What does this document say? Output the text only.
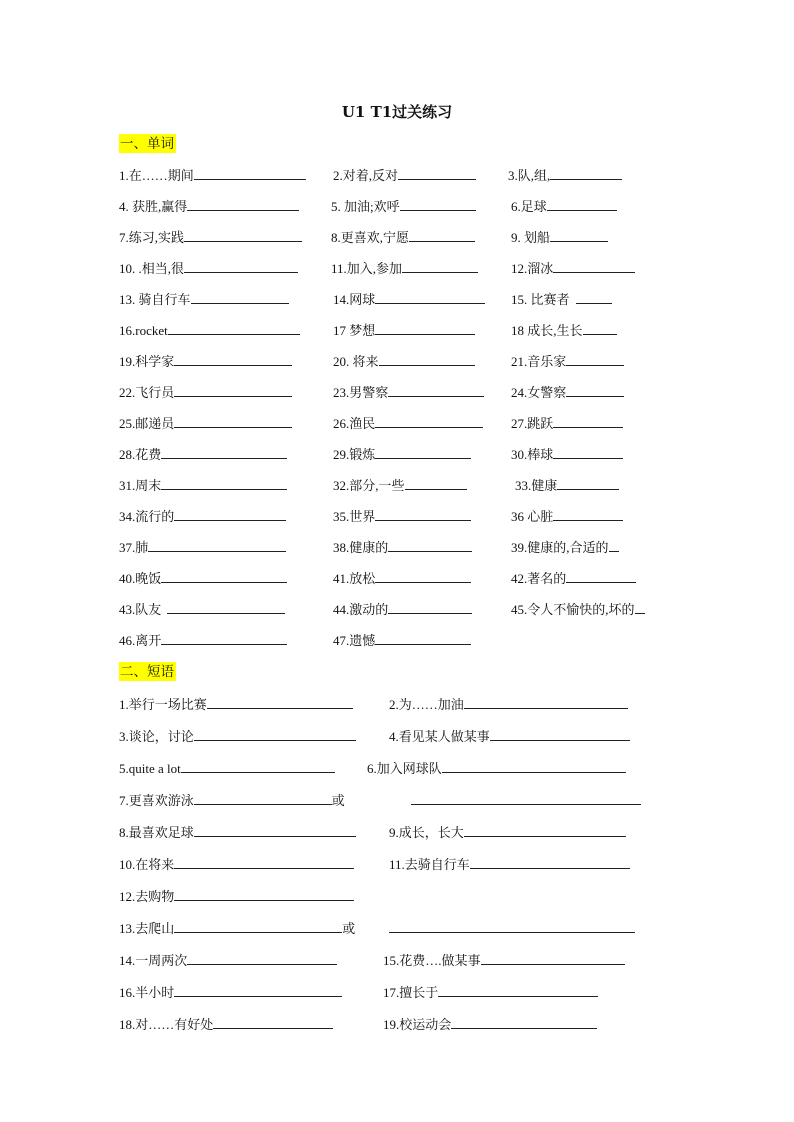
U1 T1过关练习
一、单词
1.在……期间	2.对着,反对	3.队,组,
4. 获胜,赢得	5. 加油;欢呼	6.足球
7.练习,实践	8.更喜欢,宁愿	9. 划船
10. .相当,很	11.加入,参加	12.溜冰
13. 骑自行车	14.网球	15. 比赛者
16.rocket	17 梦想	18 成长,生长
19.科学家	20. 将来	21.音乐家
22.飞行员	23.男警察	24.女警察
25.邮递员	26.渔民	27.跳跃
28.花费	29.锻炼	30.棒球
31.周末	32.部分,一些	33.健康
34.流行的	35.世界	36 心脏
37.肺	38.健康的	39.健康的,合适的
40.晚饭	41.放松	42.著名的
43.队友	44.激动的	45.令人不愉快的,坏的
46.离开	47.遗憾
二、短语
1.举行一场比赛	2.为……加油
3.谈论，讨论	4.看见某人做某事
5.quite a lot	6.加入网球队
7.更喜欢游泳	或
8.最喜欢足球	9.成长，长大
10.在将来	11.去骑自行车
12.去购物
13.去爬山	或
14.一周两次	15.花费….做某事
16.半小时	17.擅长于
18.对……有好处	19.校运动会
